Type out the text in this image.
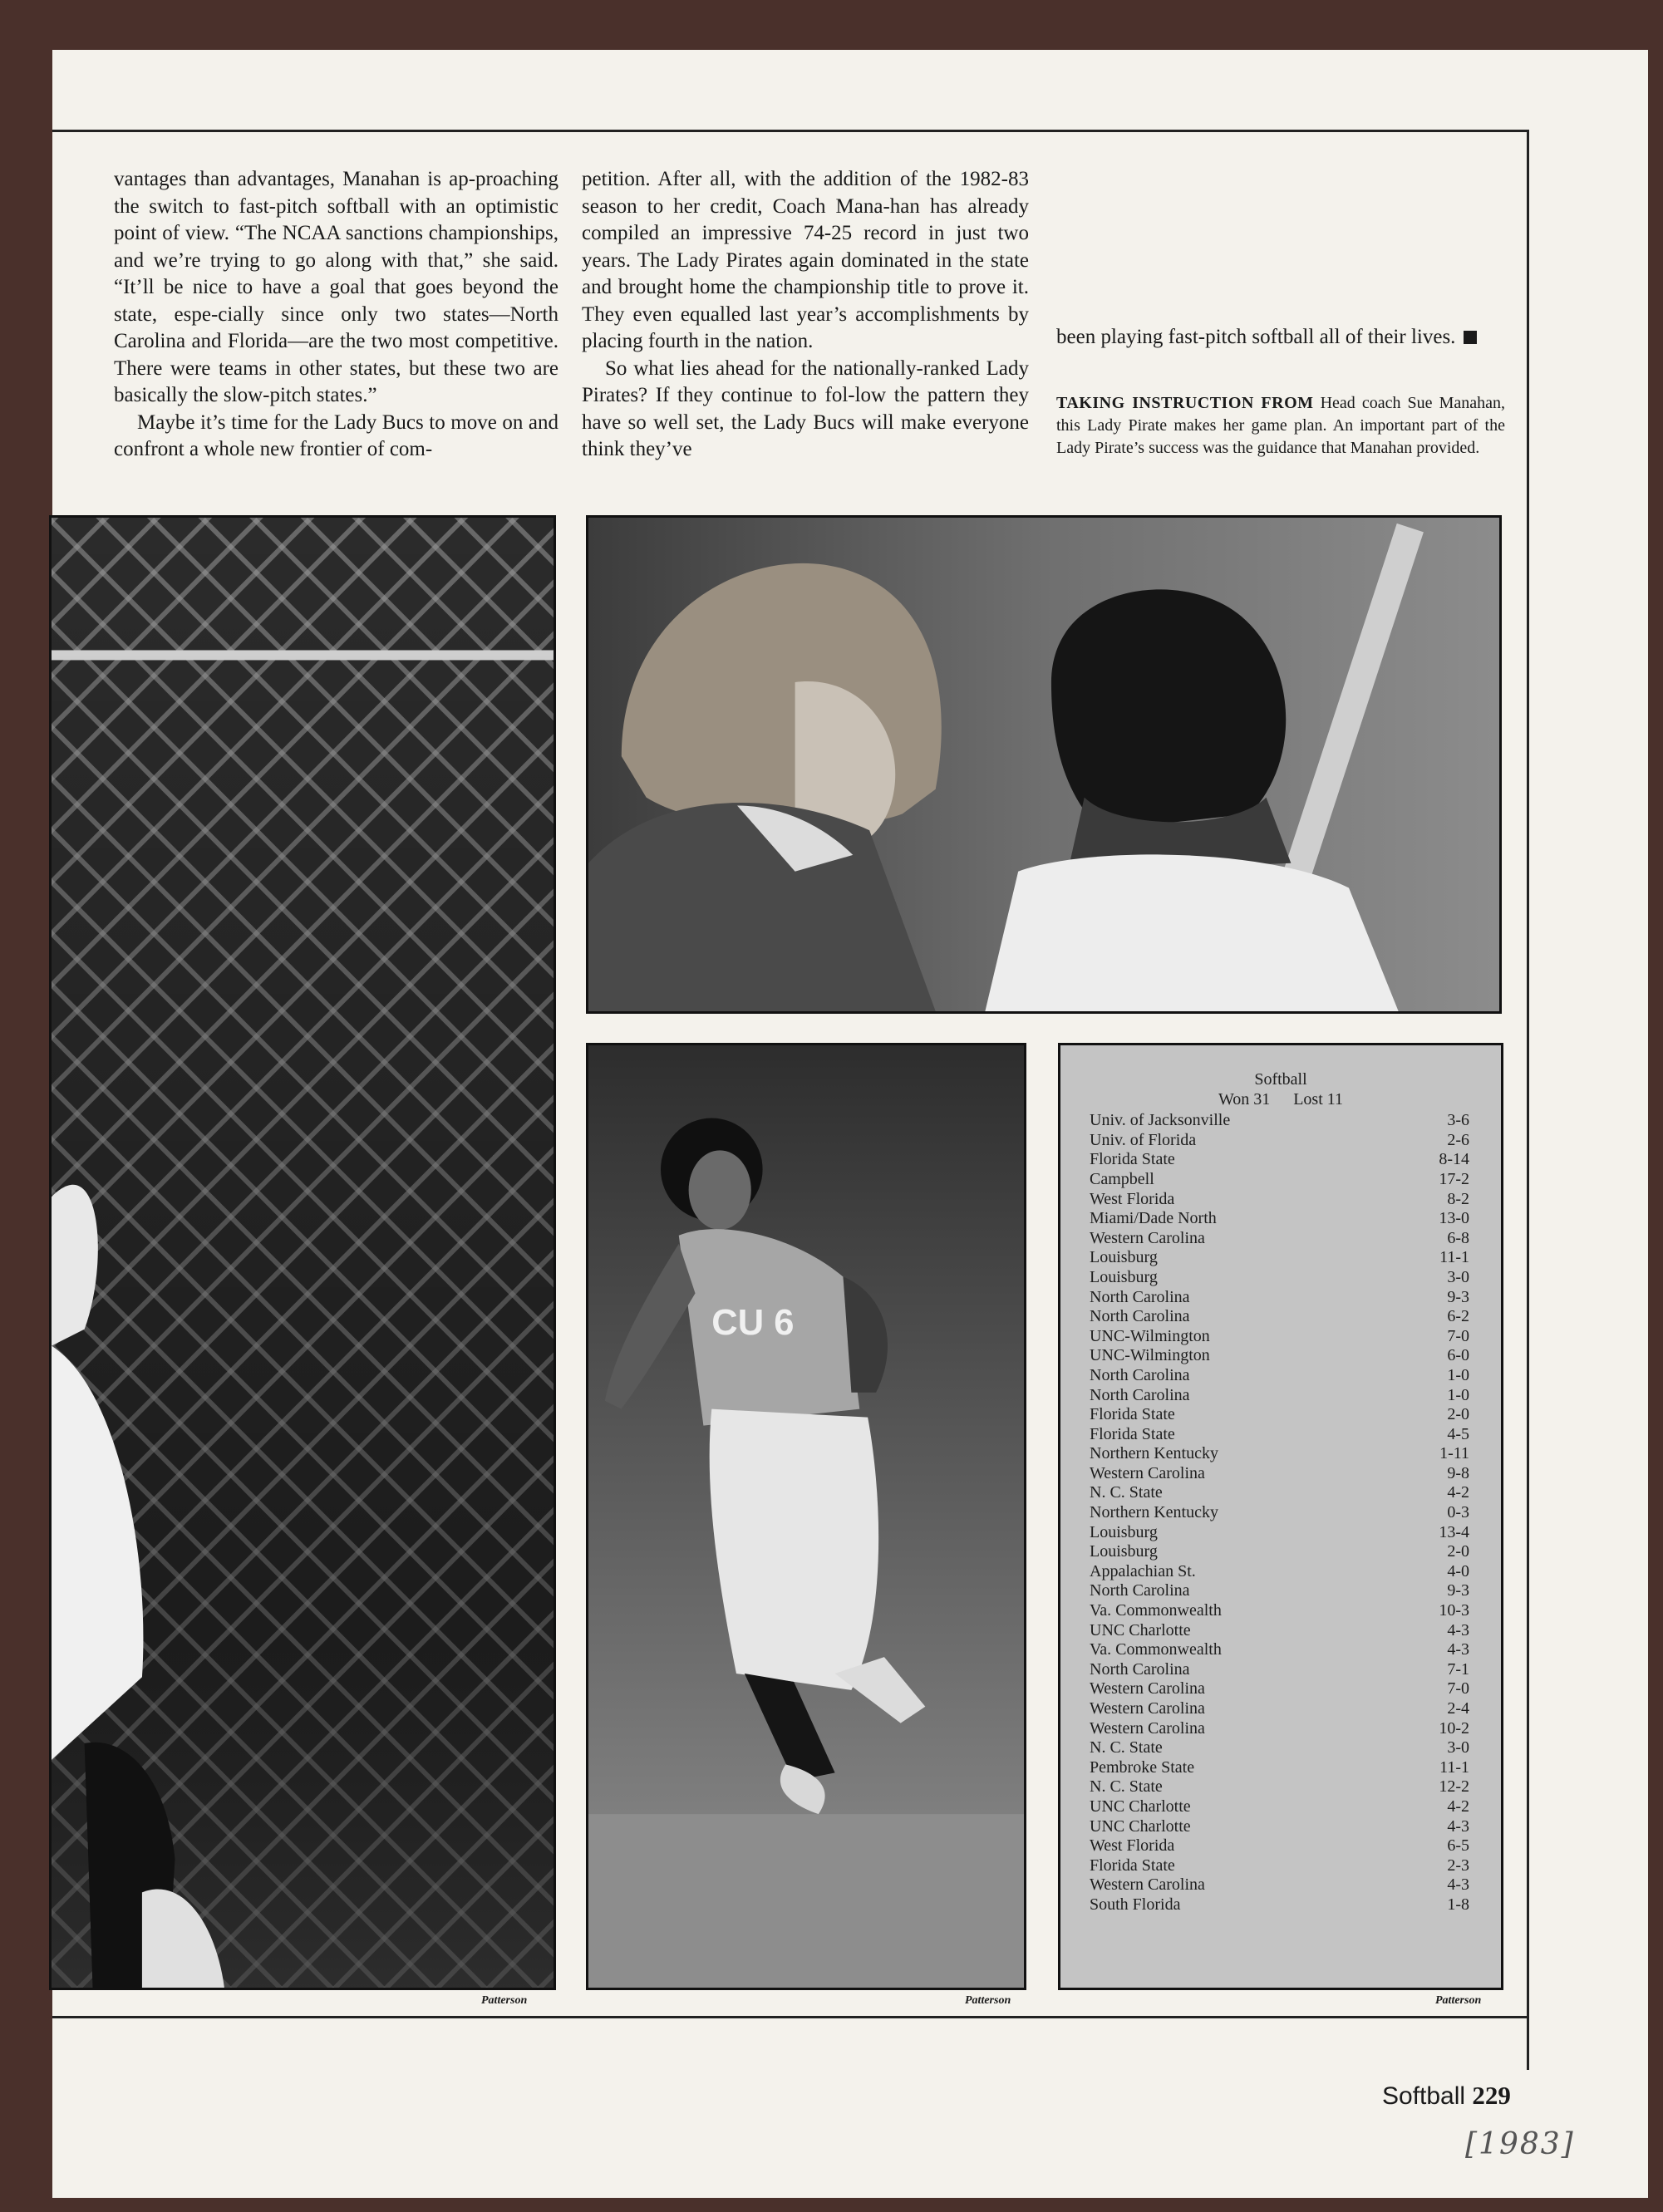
vantages than advantages, Manahan is ap-proaching the switch to fast-pitch softball with an optimistic point of view. “The NCAA sanctions championships, and we’re trying to go along with that,” she said. “It’ll be nice to have a goal that goes beyond the state, espe-cially since only two states—North Carolina and Florida—are the two most competitive. There were teams in other states, but these two are basically the slow-pitch states.”

Maybe it’s time for the Lady Bucs to move on and confront a whole new frontier of com-

petition. After all, with the addition of the 1982-83 season to her credit, Coach Mana-han has already compiled an impressive 74-25 record in just two years. The Lady Pirates again dominated in the state and brought home the championship title to prove it. They even equalled last year’s accomplishments by placing fourth in the nation.

So what lies ahead for the nationally-ranked Lady Pirates? If they continue to fol-low the pattern they have so well set, the Lady Bucs will make everyone think they’ve

been playing fast-pitch softball all of their lives.

TAKING INSTRUCTION FROM Head coach Sue Manahan, this Lady Pirate makes her game plan. An important part of the Lady Pirate’s success was the guidance that Manahan provided.
CU 6
Softball
Won 31 Lost 11
Univ. of Jacksonville	3-6
Univ. of Florida	2-6
Florida State	8-14
Campbell	17-2
West Florida	8-2
Miami/Dade North	13-0
Western Carolina	6-8
Louisburg	11-1
Louisburg	3-0
North Carolina	9-3
North Carolina	6-2
UNC-Wilmington	7-0
UNC-Wilmington	6-0
North Carolina	1-0
North Carolina	1-0
Florida State	2-0
Florida State	4-5
Northern Kentucky	1-11
Western Carolina	9-8
N. C. State	4-2
Northern Kentucky	0-3
Louisburg	13-4
Louisburg	2-0
Appalachian St.	4-0
North Carolina	9-3
Va. Commonwealth	10-3
UNC Charlotte	4-3
Va. Commonwealth	4-3
North Carolina	7-1
Western Carolina	7-0
Western Carolina	2-4
Western Carolina	10-2
N. C. State	3-0
Pembroke State	11-1
N. C. State	12-2
UNC Charlotte	4-2
UNC Charlotte	4-3
West Florida	6-5
Florida State	2-3
Western Carolina	4-3
South Florida	1-8
Patterson	Patterson	Patterson
Softball 229
[1983]
